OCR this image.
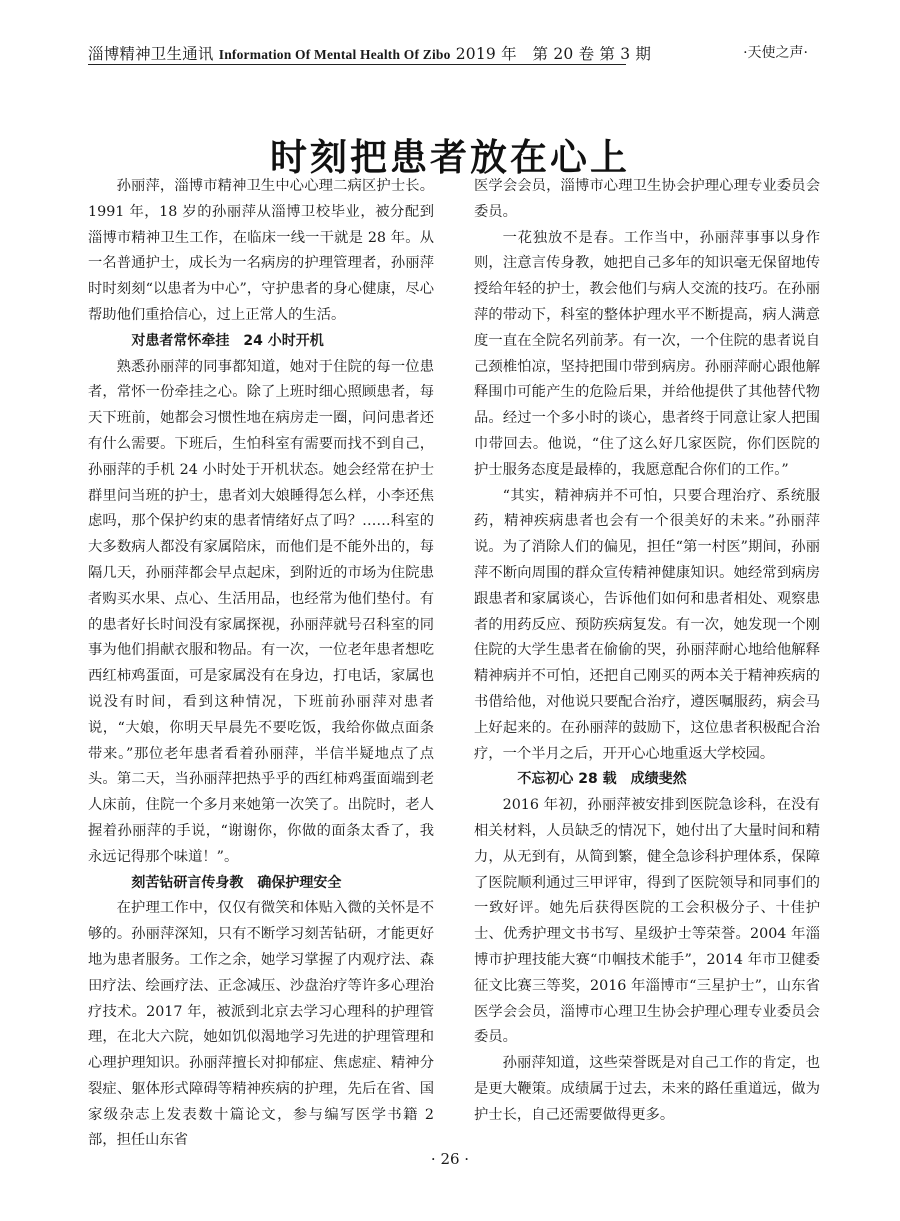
淄博精神卫生通讯 Information Of Mental Health Of Zibo 2019 年　第 20 卷 第 3 期	·天使之声·
时刻把患者放在心上

孙丽萍，淄博市精神卫生中心心理二病区护士长。1991 年，18 岁的孙丽萍从淄博卫校毕业，被分配到淄博市精神卫生工作，在临床一线一干就是 28 年。从一名普通护士，成长为一名病房的护理管理者，孙丽萍时时刻刻“以患者为中心”，守护患者的身心健康，尽心帮助他们重拾信心，过上正常人的生活。

对患者常怀牵挂　24 小时开机

熟悉孙丽萍的同事都知道，她对于住院的每一位患者，常怀一份牵挂之心。除了上班时细心照顾患者，每天下班前，她都会习惯性地在病房走一圈，问问患者还有什么需要。下班后，生怕科室有需要而找不到自己，孙丽萍的手机 24 小时处于开机状态。她会经常在护士群里问当班的护士，患者刘大娘睡得怎么样，小李还焦虑吗，那个保护约束的患者情绪好点了吗？……科室的大多数病人都没有家属陪床，而他们是不能外出的，每隔几天，孙丽萍都会早点起床，到附近的市场为住院患者购买水果、点心、生活用品，也经常为他们垫付。有的患者好长时间没有家属探视，孙丽萍就号召科室的同事为他们捐献衣服和物品。有一次，一位老年患者想吃西红柿鸡蛋面，可是家属没有在身边，打电话，家属也说没有时间，看到这种情况，下班前孙丽萍对患者说，“大娘，你明天早晨先不要吃饭，我给你做点面条带来。”那位老年患者看着孙丽萍，半信半疑地点了点头。第二天，当孙丽萍把热乎乎的西红柿鸡蛋面端到老人床前，住院一个多月来她第一次笑了。出院时，老人握着孙丽萍的手说，“谢谢你，你做的面条太香了，我永远记得那个味道！”。

刻苦钻研言传身教　确保护理安全

在护理工作中，仅仅有微笑和体贴入微的关怀是不够的。孙丽萍深知，只有不断学习刻苦钻研，才能更好地为患者服务。工作之余，她学习掌握了内观疗法、森田疗法、绘画疗法、正念减压、沙盘治疗等许多心理治疗技术。2017 年，被派到北京去学习心理科的护理管理，在北大六院，她如饥似渴地学习先进的护理管理和心理护理知识。孙丽萍擅长对抑郁症、焦虑症、精神分裂症、躯体形式障碍等精神疾病的护理，先后在省、国家级杂志上发表数十篇论文，参与编写医学书籍 2 部，担任山东省

医学会会员，淄博市心理卫生协会护理心理专业委员会委员。

一花独放不是春。工作当中，孙丽萍事事以身作则，注意言传身教，她把自己多年的知识毫无保留地传授给年轻的护士，教会他们与病人交流的技巧。在孙丽萍的带动下，科室的整体护理水平不断提高，病人满意度一直在全院名列前茅。有一次，一个住院的患者说自己颈椎怕凉，坚持把围巾带到病房。孙丽萍耐心跟他解释围巾可能产生的危险后果，并给他提供了其他替代物品。经过一个多小时的谈心，患者终于同意让家人把围巾带回去。他说，“住了这么好几家医院，你们医院的护士服务态度是最棒的，我愿意配合你们的工作。”

“其实，精神病并不可怕，只要合理治疗、系统服药，精神疾病患者也会有一个很美好的未来。”孙丽萍说。为了消除人们的偏见，担任“第一村医”期间，孙丽萍不断向周围的群众宣传精神健康知识。她经常到病房跟患者和家属谈心，告诉他们如何和患者相处、观察患者的用药反应、预防疾病复发。有一次，她发现一个刚住院的大学生患者在偷偷的哭，孙丽萍耐心地给他解释精神病并不可怕，还把自己刚买的两本关于精神疾病的书借给他，对他说只要配合治疗，遵医嘱服药，病会马上好起来的。在孙丽萍的鼓励下，这位患者积极配合治疗，一个半月之后，开开心心地重返大学校园。

不忘初心 28 载　成绩斐然

2016 年初，孙丽萍被安排到医院急诊科，在没有相关材料，人员缺乏的情况下，她付出了大量时间和精力，从无到有，从简到繁，健全急诊科护理体系，保障了医院顺利通过三甲评审，得到了医院领导和同事们的一致好评。她先后获得医院的工会积极分子、十佳护士、优秀护理文书书写、星级护士等荣誉。2004 年淄博市护理技能大赛“巾帼技术能手”，2014 年市卫健委征文比赛三等奖，2016 年淄博市“三星护士”，山东省医学会会员，淄博市心理卫生协会护理心理专业委员会委员。

孙丽萍知道，这些荣誉既是对自己工作的肯定，也是更大鞭策。成绩属于过去，未来的路任重道远，做为护士长，自己还需要做得更多。

· 26 ·
